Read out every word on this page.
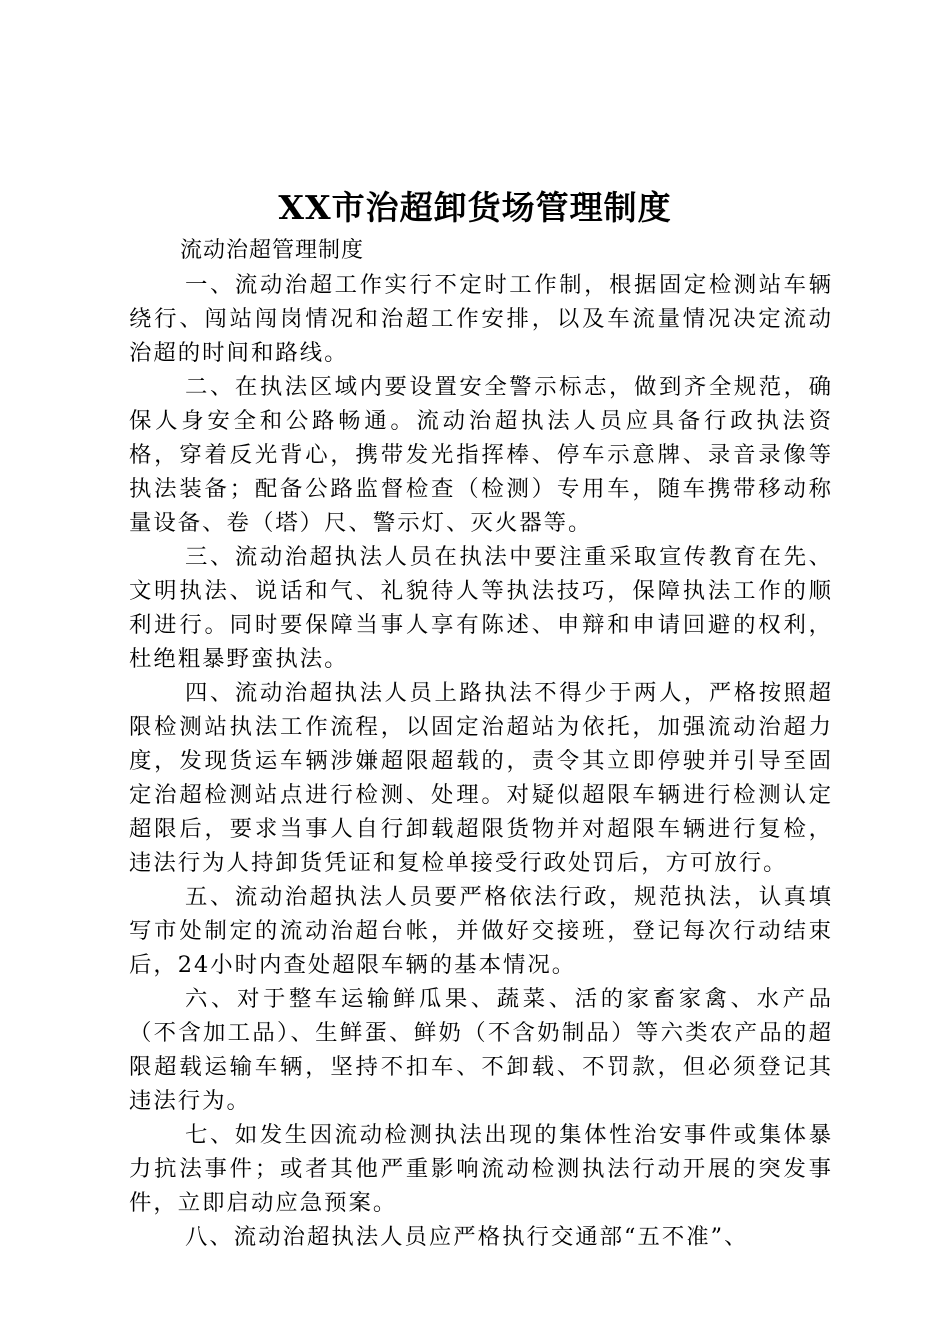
XX市治超卸货场管理制度

流动治超管理制度

一、流动治超工作实行不定时工作制，根据固定检测站车辆绕行、闯站闯岗情况和治超工作安排，以及车流量情况决定流动治超的时间和路线。

二、在执法区域内要设置安全警示标志，做到齐全规范，确保人身安全和公路畅通。流动治超执法人员应具备行政执法资格，穿着反光背心，携带发光指挥棒、停车示意牌、录音录像等执法装备；配备公路监督检查（检测）专用车，随车携带移动称量设备、卷（塔）尺、警示灯、灭火器等。

三、流动治超执法人员在执法中要注重采取宣传教育在先、文明执法、说话和气、礼貌待人等执法技巧，保障执法工作的顺利进行。同时要保障当事人享有陈述、申辩和申请回避的权利，杜绝粗暴野蛮执法。

四、流动治超执法人员上路执法不得少于两人，严格按照超限检测站执法工作流程，以固定治超站为依托，加强流动治超力度，发现货运车辆涉嫌超限超载的，责令其立即停驶并引导至固定治超检测站点进行检测、处理。对疑似超限车辆进行检测认定超限后，要求当事人自行卸载超限货物并对超限车辆进行复检，违法行为人持卸货凭证和复检单接受行政处罚后，方可放行。

五、流动治超执法人员要严格依法行政，规范执法，认真填写市处制定的流动治超台帐，并做好交接班，登记每次行动结束后，24小时内查处超限车辆的基本情况。

六、对于整车运输鲜瓜果、蔬菜、活的家畜家禽、水产品（不含加工品）、生鲜蛋、鲜奶（不含奶制品）等六类农产品的超限超载运输车辆，坚持不扣车、不卸载、不罚款，但必须登记其违法行为。

七、如发生因流动检测执法出现的集体性治安事件或集体暴力抗法事件；或者其他严重影响流动检测执法行动开展的突发事件，立即启动应急预案。

八、流动治超执法人员应严格执行交通部“五不准”、
